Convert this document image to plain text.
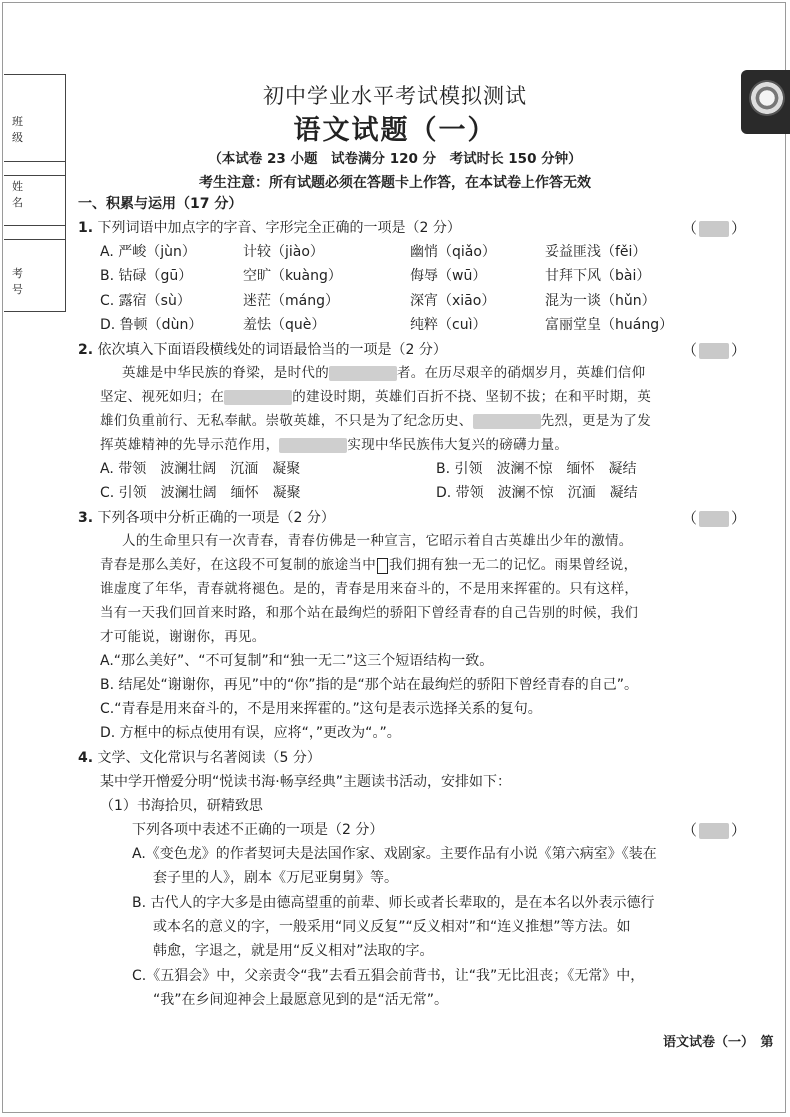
班 级
姓 名
考 号
初中学业水平考试模拟测试
语文试题（一）
（本试卷 23 小题　试卷满分 120 分　考试时长 150 分钟）
考生注意：所有试题必须在答题卡上作答，在本试卷上作答无效
一、积累与运用（17 分）
1. 下列词语中加点字的字音、字形完全正确的一项是（2 分）	（ ）
A. 严峻（jùn）	计较（jiào）	幽悄（qiǎo）	妥益匪浅（fěi）
B. 钴碌（gū）	空旷（kuàng）	侮辱（wū）	甘拜下风（bài）
C. 露宿（sù）	迷茫（máng）	深宵（xiāo）	混为一谈（hǔn）
D. 鲁顿（dùn）	羞怯（què）	纯粹（cuì）	富丽堂皇（huáng）
2. 依次填入下面语段横线处的词语最恰当的一项是（2 分）	（ ）
英雄是中华民族的脊梁，是时代的	者。在历尽艰辛的硝烟岁月，英雄们信仰
坚定、视死如归；在	的建设时期，英雄们百折不挠、坚韧不拔；在和平时期，英
雄们负重前行、无私奉献。崇敬英雄，不只是为了纪念历史、	先烈，更是为了发
挥英雄精神的先导示范作用，	实现中华民族伟大复兴的磅礴力量。
A. 带领　波澜壮阔　沉湎　凝聚	B. 引领　波澜不惊　缅怀　凝结
C. 引领　波澜壮阔　缅怀　凝聚	D. 带领　波澜不惊　沉湎　凝结
3. 下列各项中分析正确的一项是（2 分）	（ ）
人的生命里只有一次青春，青春仿佛是一种宣言，它昭示着自古英雄出少年的激情。
青春是那么美好，在这段不可复制的旅途当中 我们拥有独一无二的记忆。雨果曾经说，
谁虚度了年华，青春就将褪色。是的，青春是用来奋斗的，不是用来挥霍的。只有这样，
当有一天我们回首来时路，和那个站在最绚烂的骄阳下曾经青春的自己告别的时候，我们
才可能说，谢谢你，再见。
A.“那么美好”、“不可复制”和“独一无二”这三个短语结构一致。
B. 结尾处“谢谢你，再见”中的“你”指的是“那个站在最绚烂的骄阳下曾经青春的自己”。
C.“青春是用来奋斗的，不是用来挥霍的。”这句是表示选择关系的复句。
D. 方框中的标点使用有误，应将“，”更改为“。”。
4. 文学、文化常识与名著阅读（5 分）
某中学开憎爱分明“悦读书海·畅享经典”主题读书活动，安排如下：
（1）书海拾贝，研精致思
下列各项中表述不正确的一项是（2 分）	（ ）
A.《变色龙》的作者契诃夫是法国作家、戏剧家。主要作品有小说《第六病室》《装在
套子里的人》，剧本《万尼亚舅舅》等。
B. 古代人的字大多是由德高望重的前辈、师长或者长辈取的，是在本名以外表示德行
或本名的意义的字，一般采用“同义反复”“反义相对”和“连义推想”等方法。如
韩愈，字退之，就是用“反义相对”法取的字。
C.《五猖会》中，父亲责令“我”去看五猖会前背书，让“我”无比沮丧；《无常》中，
“我”在乡间迎神会上最愿意见到的是“活无常”。
语文试卷（一）　第
